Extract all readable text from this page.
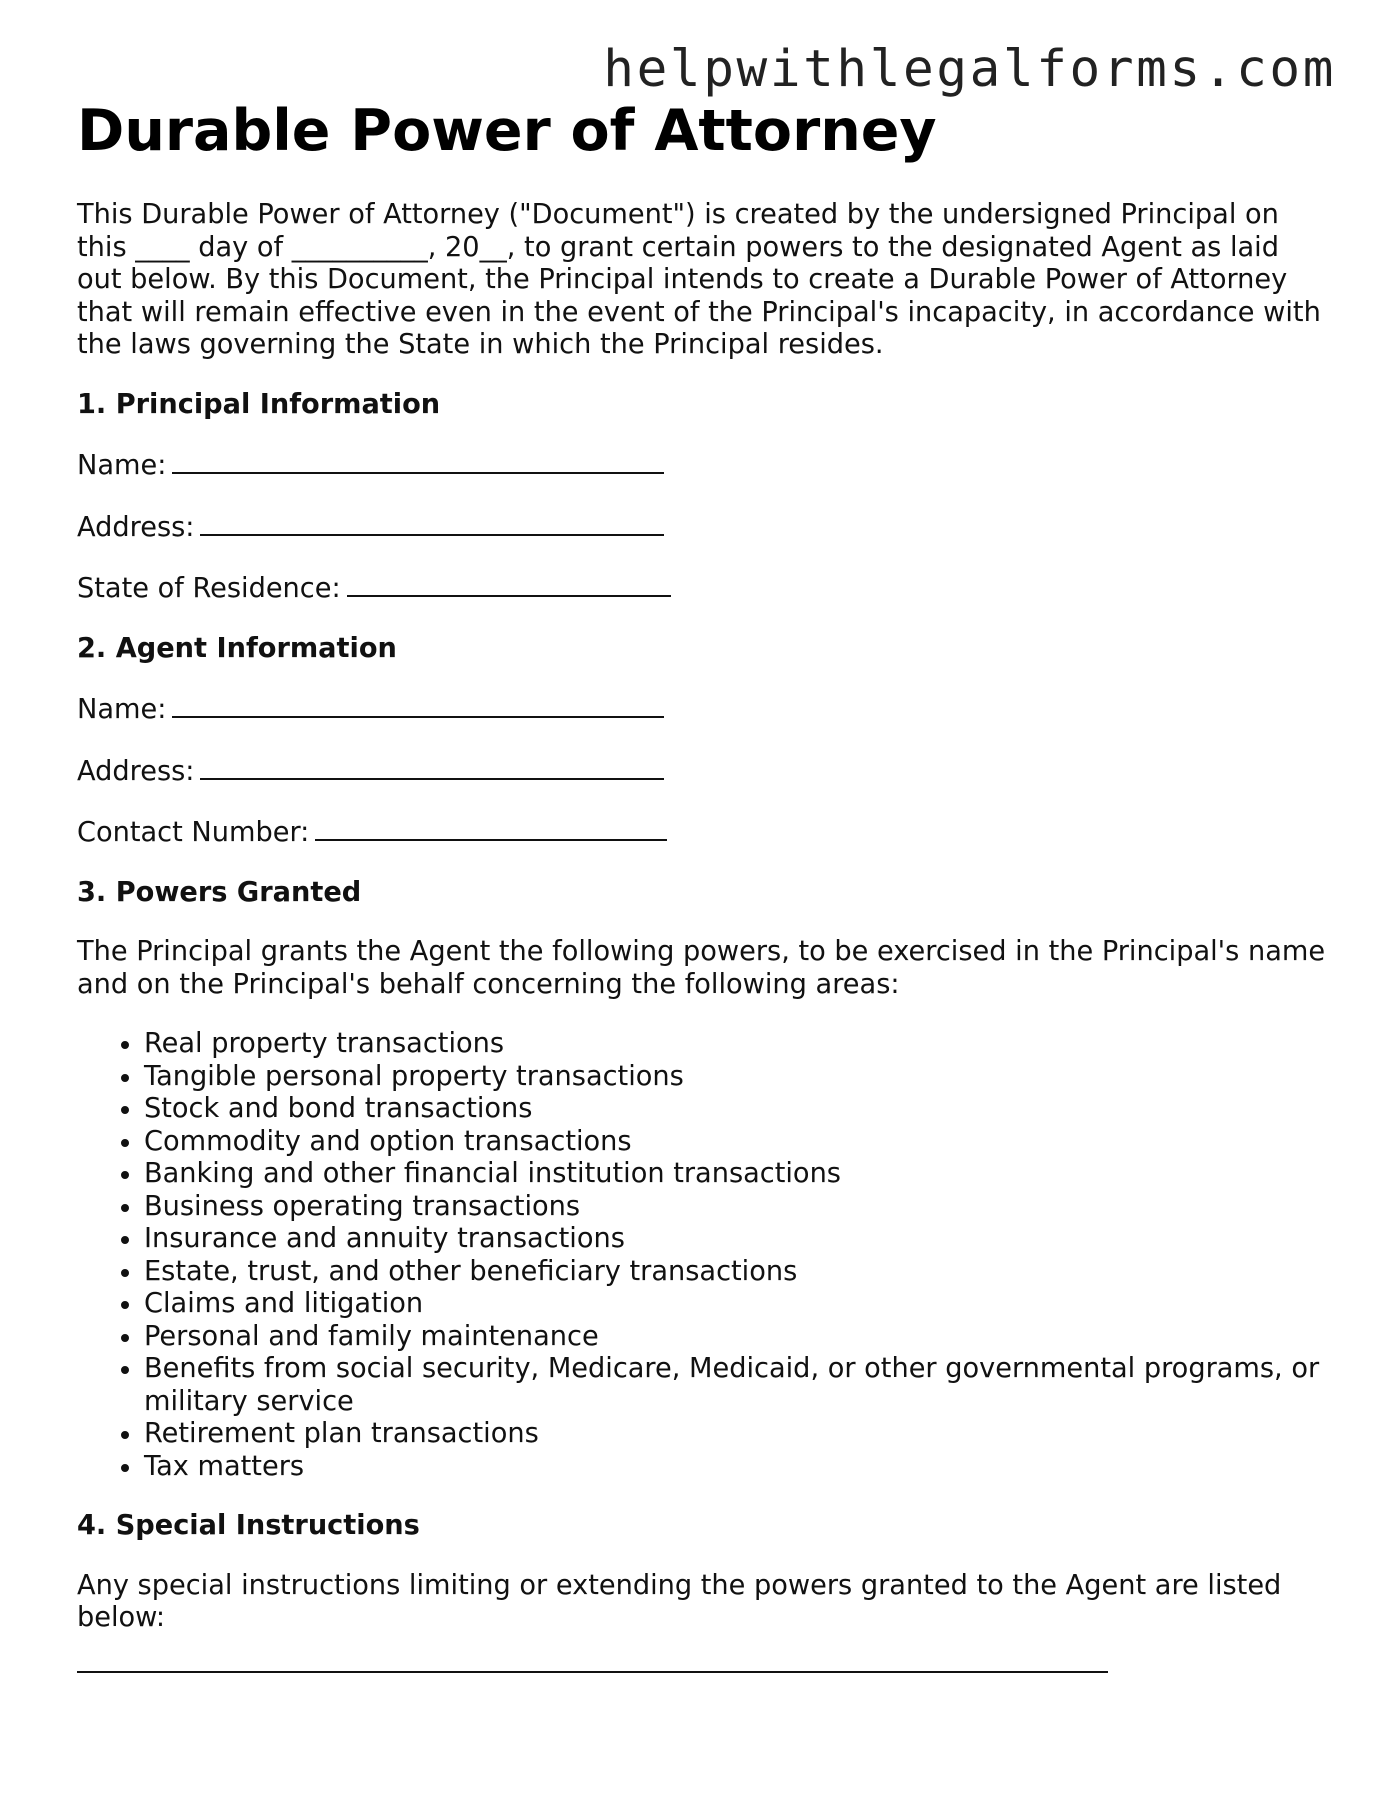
helpwithlegalforms.com
Durable Power of Attorney

This Durable Power of Attorney ("Document") is created by the undersigned Principal on this ____ day of __________, 20__, to grant certain powers to the designated Agent as laid out below. By this Document, the Principal intends to create a Durable Power of Attorney that will remain effective even in the event of the Principal's incapacity, in accordance with the laws governing the State in which the Principal resides.

1. Principal Information
Name:
Address:
State of Residence:
2. Agent Information
Name:
Address:
Contact Number:
3. Powers Granted

The Principal grants the Agent the following powers, to be exercised in the Principal's name and on the Principal's behalf concerning the following areas:

Real property transactions
Tangible personal property transactions
Stock and bond transactions
Commodity and option transactions
Banking and other financial institution transactions
Business operating transactions
Insurance and annuity transactions
Estate, trust, and other beneficiary transactions
Claims and litigation
Personal and family maintenance
Benefits from social security, Medicare, Medicaid, or other governmental programs, or military service
Retirement plan transactions
Tax matters
4. Special Instructions

Any special instructions limiting or extending the powers granted to the Agent are listed below:
